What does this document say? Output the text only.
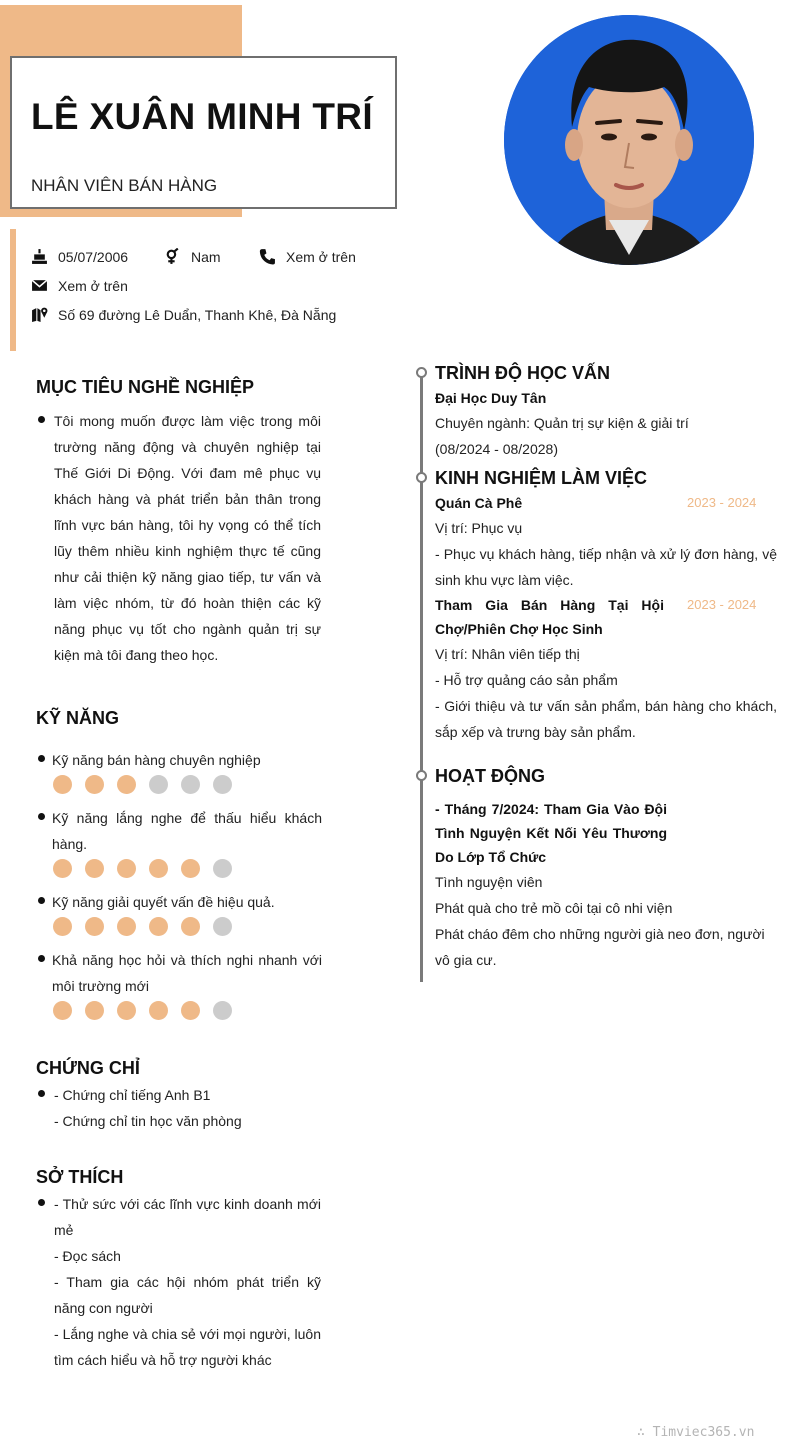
LÊ XUÂN MINH TRÍ
NHÂN VIÊN BÁN HÀNG
05/07/2006	Nam	Xem ở trên
Xem ở trên
Số 69 đường Lê Duẩn, Thanh Khê, Đà Nẵng
MỤC TIÊU NGHỀ NGHIỆP
Tôi mong muốn được làm việc trong môi trường năng động và chuyên nghiệp tại Thế Giới Di Động. Với đam mê phục vụ khách hàng và phát triển bản thân trong lĩnh vực bán hàng, tôi hy vọng có thể tích lũy thêm nhiều kinh nghiệm thực tế cũng như cải thiện kỹ năng giao tiếp, tư vấn và làm việc nhóm, từ đó hoàn thiện các kỹ năng phục vụ tốt cho ngành quản trị sự kiện mà tôi đang theo học.
KỸ NĂNG
Kỹ năng bán hàng chuyên nghiệp
Kỹ năng lắng nghe để thấu hiểu khách hàng.
Kỹ năng giải quyết vấn đề hiệu quả.
Khả năng học hỏi và thích nghi nhanh với môi trường mới
CHỨNG CHỈ
- Chứng chỉ tiếng Anh B1
- Chứng chỉ tin học văn phòng
SỞ THÍCH
- Thử sức với các lĩnh vực kinh doanh mới mẻ
- Đọc sách
- Tham gia các hội nhóm phát triển kỹ năng con người
- Lắng nghe và chia sẻ với mọi người, luôn tìm cách hiểu và hỗ trợ người khác
TRÌNH ĐỘ HỌC VẤN
Đại Học Duy Tân
Chuyên ngành: Quản trị sự kiện & giải trí
(08/2024 - 08/2028)
KINH NGHIỆM LÀM VIỆC
Quán Cà Phê	2023 - 2024
Vị trí: Phục vụ
- Phục vụ khách hàng, tiếp nhận và xử lý đơn hàng, vệ sinh khu vực làm việc.
Tham Gia Bán Hàng Tại Hội Chợ/Phiên Chợ Học Sinh
2023 - 2024
Vị trí: Nhân viên tiếp thị
- Hỗ trợ quảng cáo sản phẩm
- Giới thiệu và tư vấn sản phẩm, bán hàng cho khách, sắp xếp và trưng bày sản phẩm.
HOẠT ĐỘNG
- Tháng 7/2024: Tham Gia Vào Đội Tình Nguyện Kết Nối Yêu Thương Do Lớp Tổ Chức
Tình nguyện viên
Phát quà cho trẻ mồ côi tại cô nhi viện
Phát cháo đêm cho những người già neo đơn, người vô gia cư.
∴ Timviec365.vn
